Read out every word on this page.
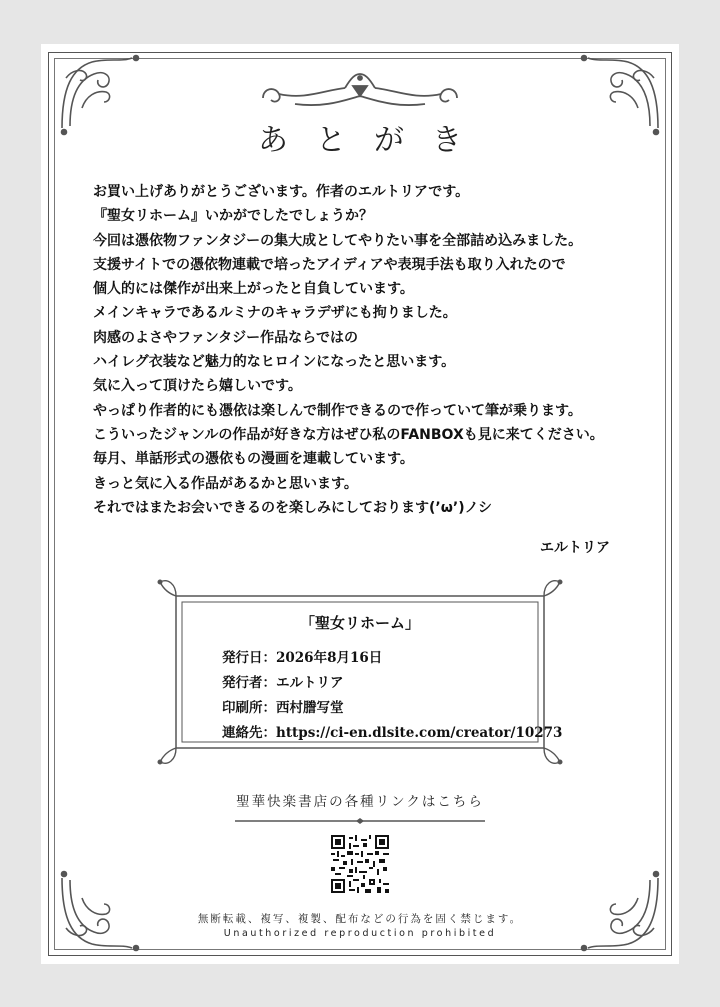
あとがき
お買い上げありがとうございます。作者のエルトリアです。
『聖女リホーム』いかがでしたでしょうか？
今回は憑依物ファンタジーの集大成としてやりたい事を全部詰め込みました。
支援サイトでの憑依物連載で培ったアイディアや表現手法も取り入れたので
個人的には傑作が出来上がったと自負しています。
メインキャラであるルミナのキャラデザにも拘りました。
肉感のよさやファンタジー作品ならではの
ハイレグ衣装など魅力的なヒロインになったと思います。
気に入って頂けたら嬉しいです。
やっぱり作者的にも憑依は楽しんで制作できるので作っていて筆が乗ります。
こういったジャンルの作品が好きな方はぜひ私のFANBOXも見に来てください。
毎月、単話形式の憑依もの漫画を連載しています。
きっと気に入る作品があるかと思います。
それではまたお会いできるのを楽しみにしております(’ω’)ノシ
エルトリア
「聖女リホーム」
発行日：2026年8月16日
発行者：エルトリア
印刷所：西村謄写堂
連絡先：https://ci-en.dlsite.com/creator/10273
聖華快楽書店の各種リンクはこちら
無断転載、複写、複製、配布などの行為を固く禁じます。
Unauthorized reproduction prohibited
